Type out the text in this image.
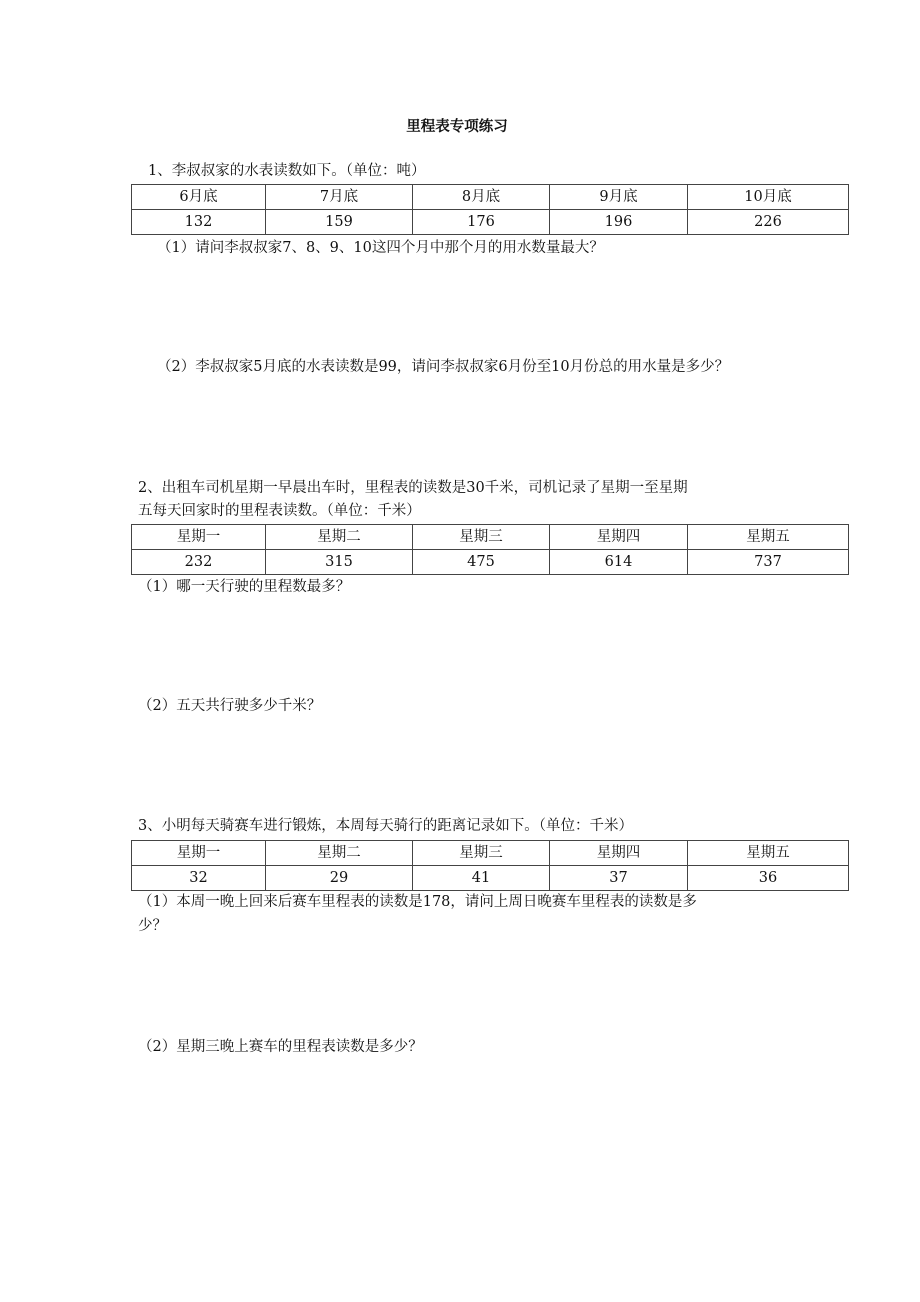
里程表专项练习
1、李叔叔家的水表读数如下。（单位：吨）
6月底	7月底	8月底	9月底	10月底
132	159	176	196	226
（1）请问李叔叔家7、8、9、10这四个月中那个月的用水数量最大？
（2）李叔叔家5月底的水表读数是99，请问李叔叔家6月份至10月份总的用水量是多少？
2、出租车司机星期一早晨出车时，里程表的读数是30千米，司机记录了星期一至星期
五每天回家时的里程表读数。（单位：千米）
星期一	星期二	星期三	星期四	星期五
232	315	475	614	737
（1）哪一天行驶的里程数最多？
（2）五天共行驶多少千米？
3、小明每天骑赛车进行锻炼，本周每天骑行的距离记录如下。（单位：千米）
星期一	星期二	星期三	星期四	星期五
32	29	41	37	36
（1）本周一晚上回来后赛车里程表的读数是178，请问上周日晚赛车里程表的读数是多
少？
（2）星期三晚上赛车的里程表读数是多少？
